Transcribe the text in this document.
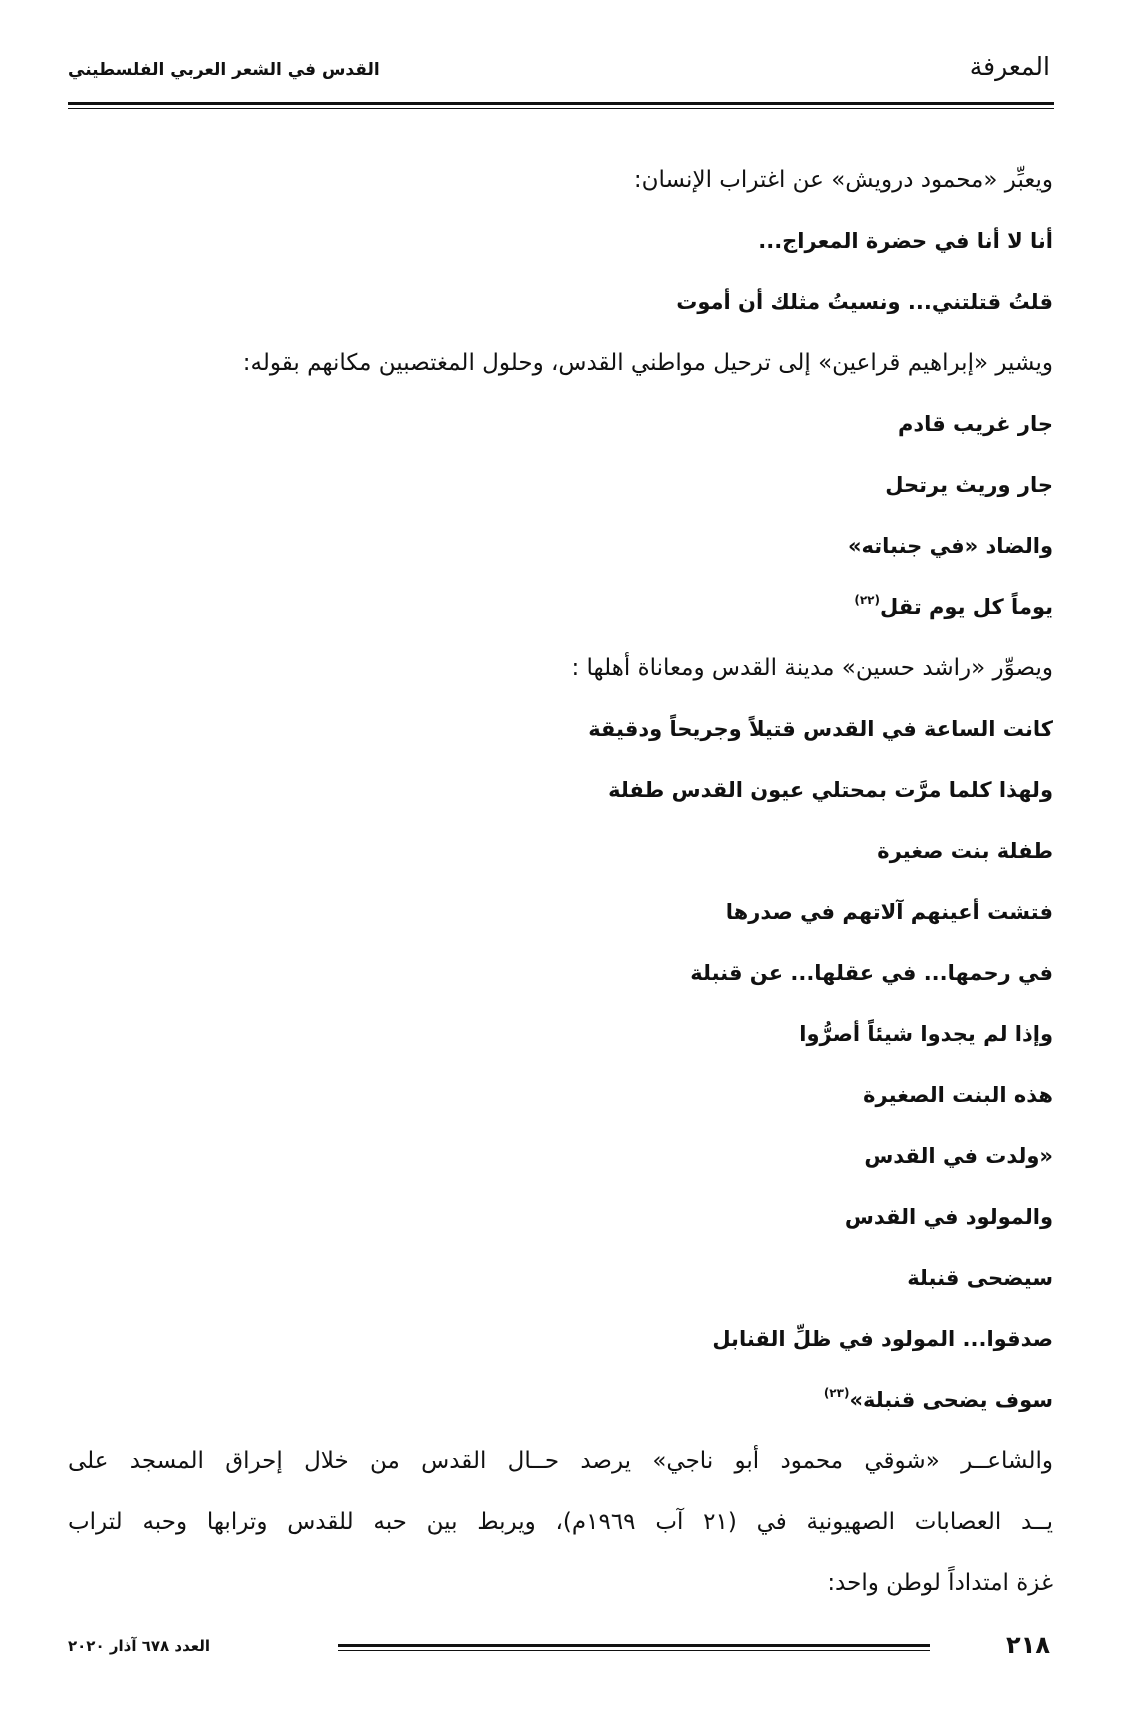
القدس في الشعر العربي الفلسطيني	المعرفة
ويعبِّر «محمود درويش» عن اغتراب الإنسان:
أنا لا أنا في حضرة المعراج...
قلتُ قتلتني... ونسيتُ مثلك أن أموت
ويشير «إبراهيم قراعين» إلى ترحيل مواطني القدس، وحلول المغتصبين مكانهم بقوله:
جار غريب قادم
جار وريث يرتحل
والضاد «في جنباته»
يوماً كل يوم تقل$^{(٢٢)}$
ويصوِّر «راشد حسين» مدينة القدس ومعاناة أهلها :
كانت الساعة في القدس قتيلاً وجريحاً ودقيقة
ولهذا كلما مرَّت بمحتلي عيون القدس طفلة
طفلة بنت صغيرة
فتشت أعينهم آلاتهم في صدرها
في رحمها... في عقلها... عن قنبلة
وإذا لم يجدوا شيئاً أصرُّوا
هذه البنت الصغيرة
«ولدت في القدس
والمولود في القدس
سيضحى قنبلة
صدقوا... المولود في ظلِّ القنابل
سوف يضحى قنبلة»$^{(٢٣)}$
والشاعــر «شوقي محمود أبو ناجي» يرصد حــال القدس من خلال إحراق المسجد على
يــد العصابات الصهيونية في (٢١ آب ١٩٦٩م)، ويربط بين حبه للقدس وترابها وحبه لتراب
غزة امتداداً لوطن واحد:
العدد ٦٧٨ آذار ٢٠٢٠	٢١٨
